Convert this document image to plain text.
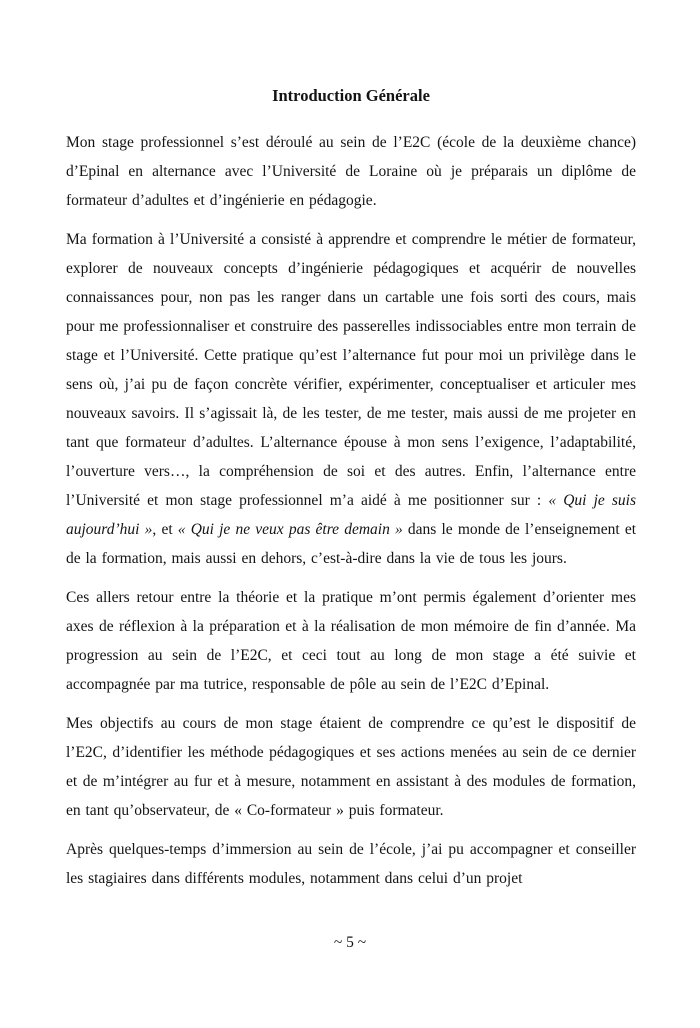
Introduction Générale

Mon stage professionnel s’est déroulé au sein de l’E2C (école de la deuxième chance) d’Epinal en alternance avec l’Université de Loraine où je préparais un diplôme de formateur d’adultes et d’ingénierie en pédagogie.

Ma formation à l’Université a consisté à apprendre et comprendre le métier de formateur, explorer de nouveaux concepts d’ingénierie pédagogiques et acquérir de nouvelles connaissances pour, non pas les ranger dans un cartable une fois sorti des cours, mais pour me professionnaliser et construire des passerelles indissociables entre mon terrain de stage et l’Université. Cette pratique qu’est l’alternance fut pour moi un privilège dans le sens où, j’ai pu de façon concrète vérifier, expérimenter, conceptualiser et articuler mes nouveaux savoirs. Il s’agissait là, de les tester, de me tester, mais aussi de me projeter en tant que formateur d’adultes. L’alternance épouse à mon sens l’exigence, l’adaptabilité, l’ouverture vers…, la compréhension de soi et des autres. Enfin, l’alternance entre l’Université et mon stage professionnel m’a aidé à me positionner sur : « Qui je suis aujourd’hui », et « Qui je ne veux pas être demain » dans le monde de l’enseignement et de la formation, mais aussi en dehors, c’est-à-dire dans la vie de tous les jours.

Ces allers retour entre la théorie et la pratique m’ont permis également d’orienter mes axes de réflexion à la préparation et à la réalisation de mon mémoire de fin d’année. Ma progression au sein de l’E2C, et ceci tout au long de mon stage a été suivie et accompagnée par ma tutrice, responsable de pôle au sein de l’E2C d’Epinal.

Mes objectifs au cours de mon stage étaient de comprendre ce qu’est le dispositif de l’E2C, d’identifier les méthode pédagogiques et ses actions menées au sein de ce dernier et de m’intégrer au fur et à mesure, notamment en assistant à des modules de formation, en tant qu’observateur, de « Co-formateur » puis formateur.

Après quelques-temps d’immersion au sein de l’école, j’ai pu accompagner et conseiller les stagiaires dans différents modules, notamment dans celui d’un projet

~ 5 ~
